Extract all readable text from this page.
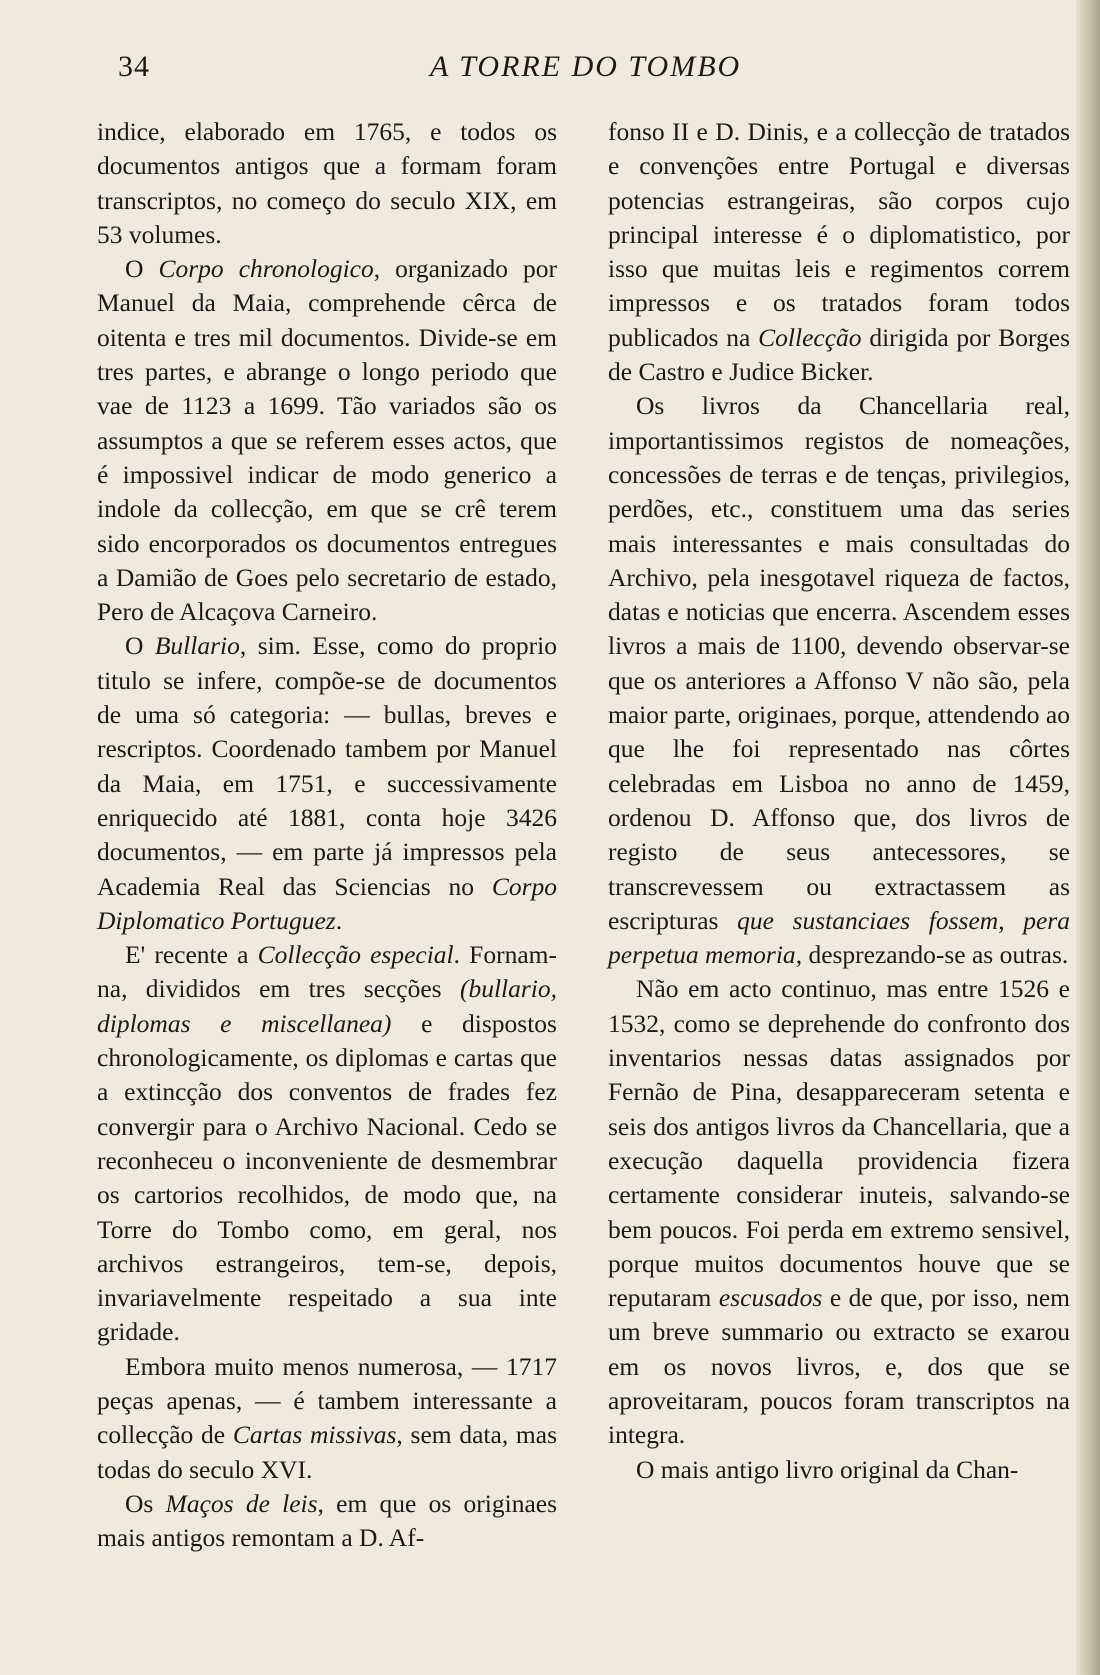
34	A TORRE DO TOMBO

indice, elaborado em 1765, e todos os documentos antigos que a formam foram transcriptos, no começo do seculo XIX, em 53 volumes.

O Corpo chronologico, organizado por Manuel da Maia, comprehende cêrca de oitenta e tres mil documentos. Divide-se em tres partes, e abrange o longo periodo que vae de 1123 a 1699. Tão variados são os assumptos a que se referem esses actos, que é impossivel indicar de modo generico a indole da collecção, em que se crê terem sido encorporados os documentos entregues a Damião de Goes pelo secretario de estado, Pero de Alcaçova Carneiro.

O Bullario, sim. Esse, como do proprio titulo se infere, compõe-se de documentos de uma só categoria: — bullas, breves e rescriptos. Coordenado tambem por Manuel da Maia, em 1751, e successivamente enriquecido até 1881, conta hoje 3426 documentos, — em parte já impressos pela Academia Real das Sciencias no Corpo Diplomatico Portuguez.

E' recente a Collecção especial. Fornam-na, divididos em tres secções (bullario, diplomas e miscellanea) e dispostos chronologicamente, os diplomas e cartas que a extincção dos conventos de frades fez convergir para o Archivo Nacional. Cedo se reconheceu o inconveniente de desmembrar os cartorios recolhidos, de modo que, na Torre do Tombo como, em geral, nos archivos estrangeiros, tem-se, depois, invariavelmente respeitado a sua inte gridade.

Embora muito menos numerosa, — 1717 peças apenas, — é tambem interessante a collecção de Cartas missivas, sem data, mas todas do seculo XVI.

Os Maços de leis, em que os originaes mais antigos remontam a D. Af-

fonso II e D. Dinis, e a collecção de tratados e convenções entre Portugal e diversas potencias estrangeiras, são corpos cujo principal interesse é o diplomatistico, por isso que muitas leis e regimentos correm impressos e os tratados foram todos publicados na Collecção dirigida por Borges de Castro e Judice Bicker.

Os livros da Chancellaria real, importantissimos registos de nomeações, concessões de terras e de tenças, privilegios, perdões, etc., constituem uma das series mais interessantes e mais consultadas do Archivo, pela inesgotavel riqueza de factos, datas e noticias que encerra. Ascendem esses livros a mais de 1100, devendo observar-se que os anteriores a Affonso V não são, pela maior parte, originaes, porque, attendendo ao que lhe foi representado nas côrtes celebradas em Lisboa no anno de 1459, ordenou D. Affonso que, dos livros de registo de seus antecessores, se transcrevessem ou extractassem as escripturas que sustanciaes fossem, pera perpetua memoria, desprezando-se as outras.

Não em acto continuo, mas entre 1526 e 1532, como se deprehende do confronto dos inventarios nessas datas assignados por Fernão de Pina, desappareceram setenta e seis dos antigos livros da Chancellaria, que a execução daquella providencia fizera certamente considerar inuteis, salvando-se bem poucos. Foi perda em extremo sensivel, porque muitos documentos houve que se reputaram escusados e de que, por isso, nem um breve summario ou extracto se exarou em os novos livros, e, dos que se aproveitaram, poucos foram transcriptos na integra.

O mais antigo livro original da Chan-
